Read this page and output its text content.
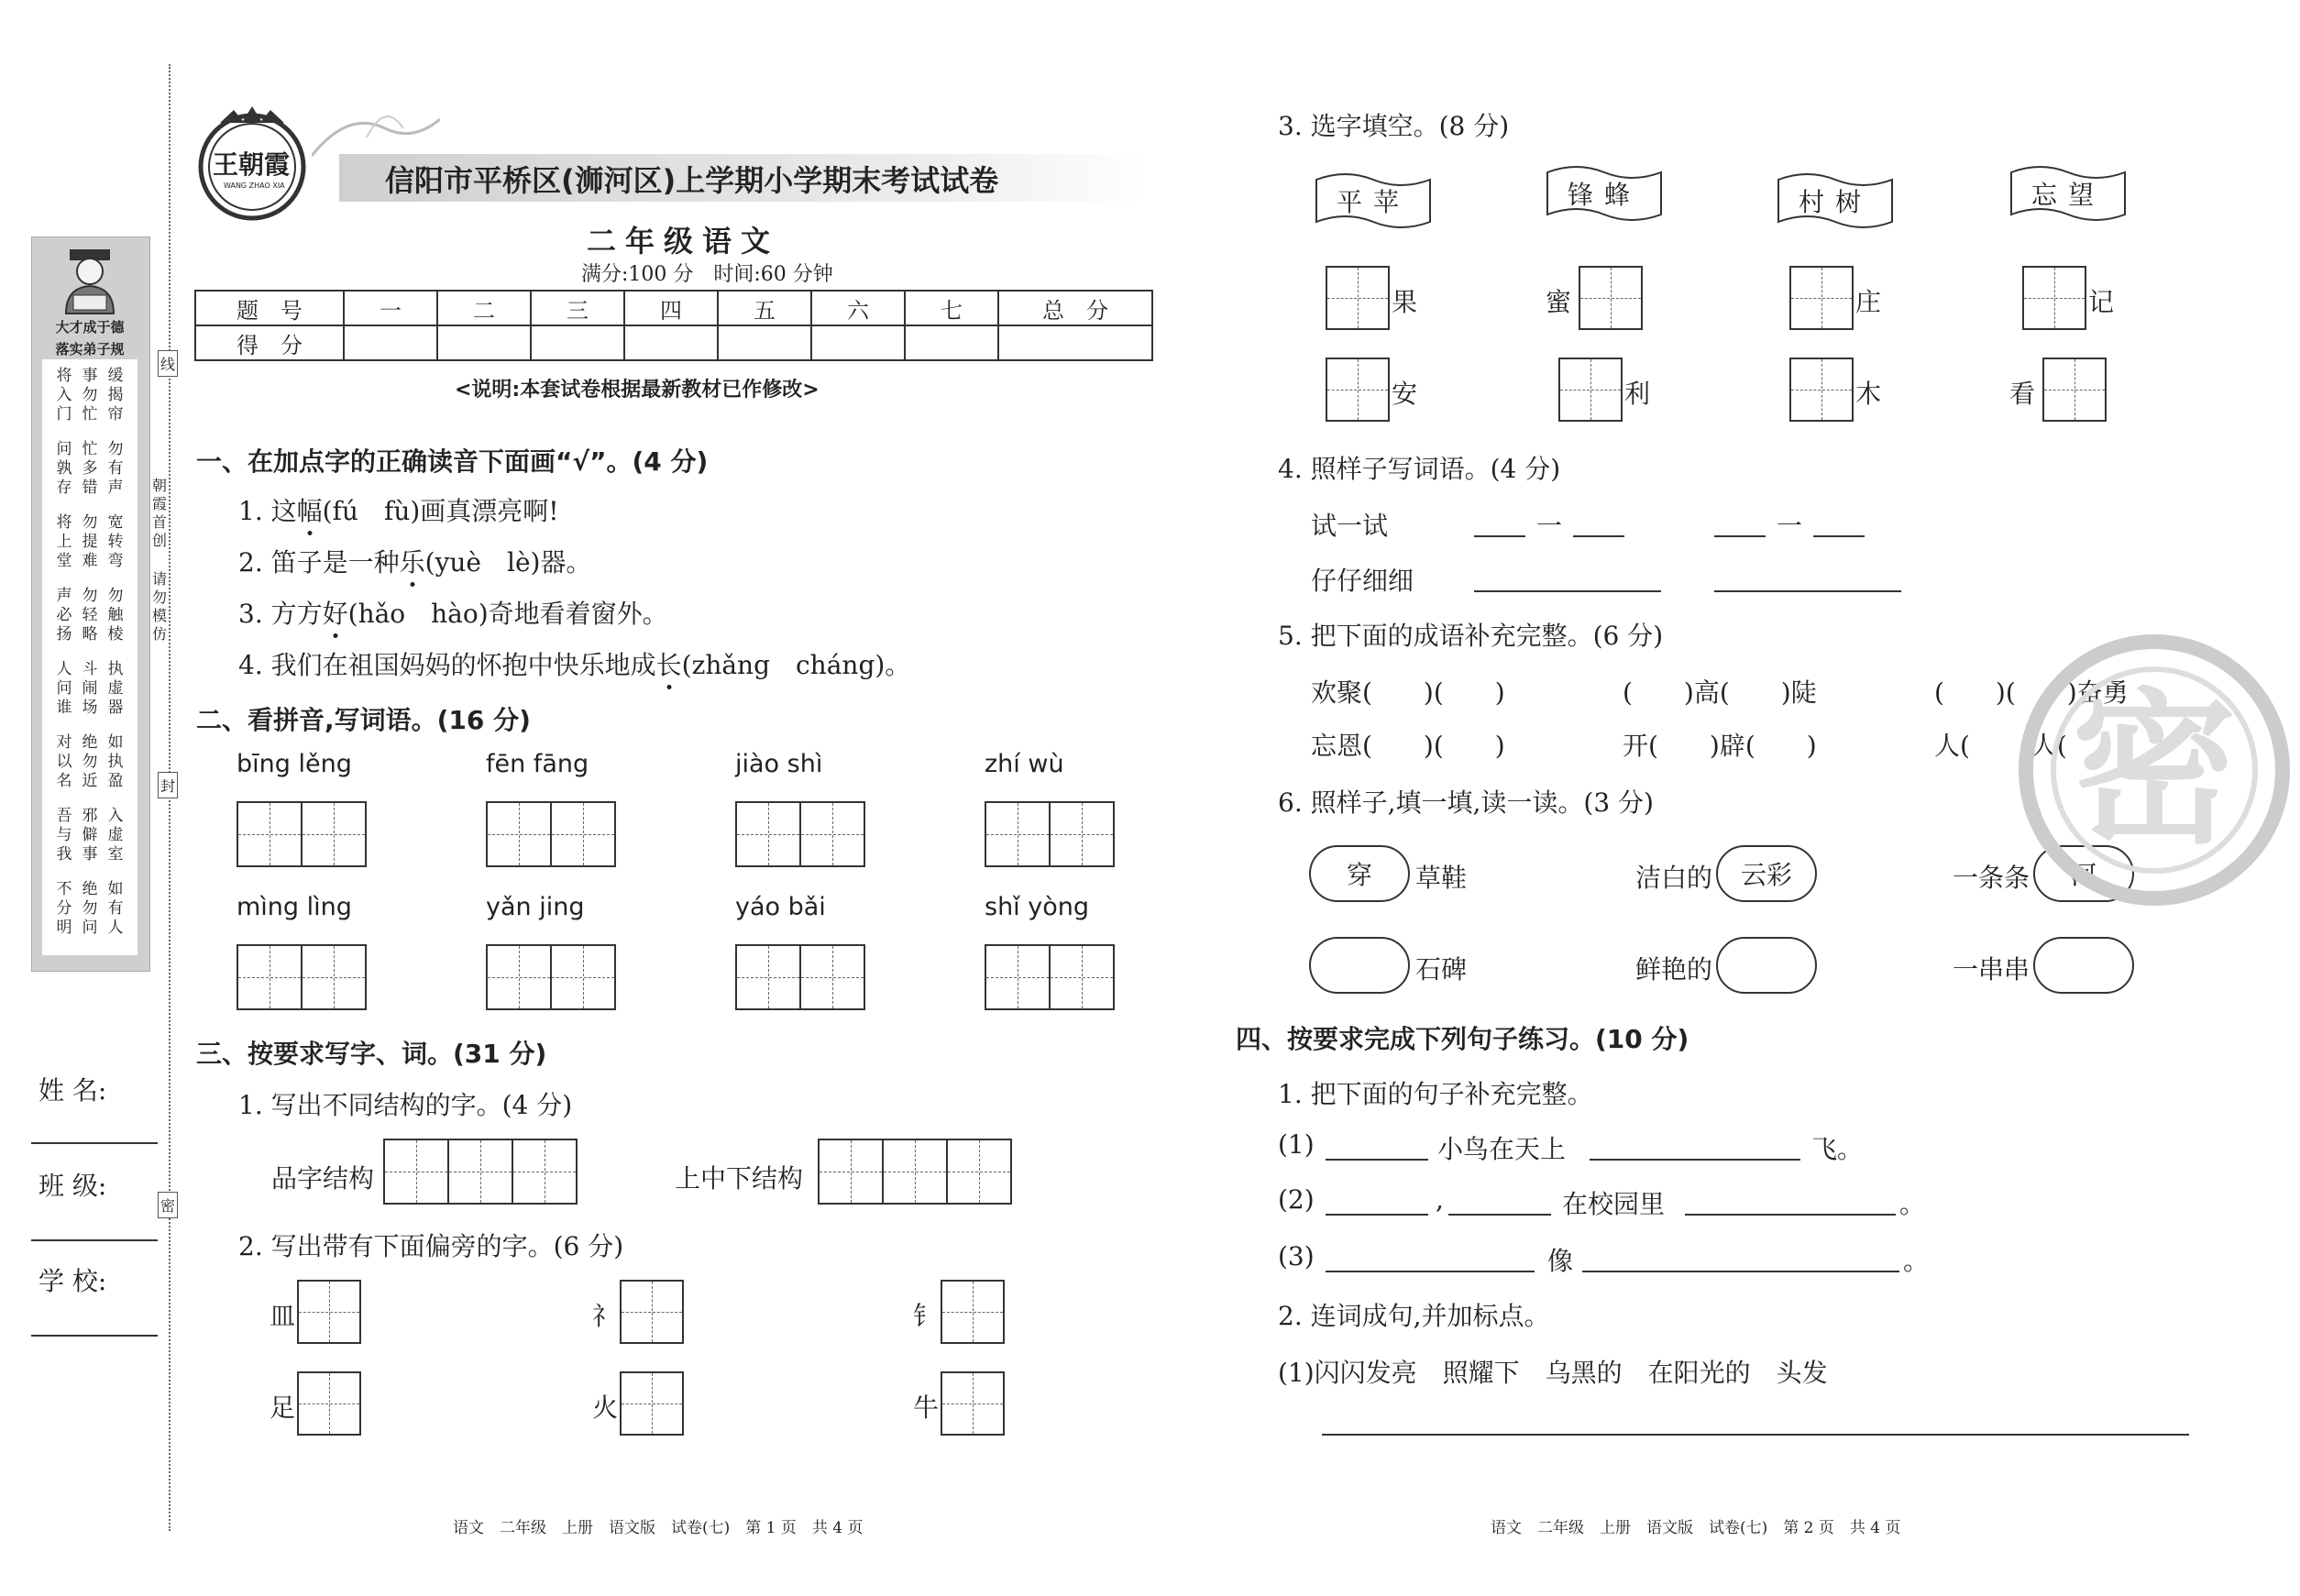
大才成于德
落实弟子规
将入门
事勿忙
缓揭帘
问孰存
忙多错
勿有声
将上堂
勿提难
宽转弯
声必扬
勿轻略
勿触棱
人问谁
斗闹场
执虚器
对以名
绝勿近
如执盈
吾与我
邪僻事
入虚室
不分明
绝勿问
如有人
朝霞首创
请勿模仿
线
封
密
姓 名:
班 级:
学 校:
王朝霞
WANG ZHAO XIA	信阳市平桥区(浉河区)上学期小学期末考试试卷
二年级语文
满分:100 分　时间:60 分钟
题　号	一	二	三	四	五	六	七	总　分
得　分								
<说明:本套试卷根据最新教材已作修改>
一、在加点字的正确读音下面画“√”。(4 分)
1. 这幅(fú　fù)画真漂亮啊!
2. 笛子是一种乐(yuè　lè)器。
3. 方方好(hǎo　hào)奇地看着窗外。
4. 我们在祖国妈妈的怀抱中快乐地成长(zhǎng　cháng)。
二、看拼音,写词语。(16 分)
bīng lěng	fēn fāng	jiào shì	zhí wù
mìng lìng	yǎn jing	yáo bǎi	shǐ yòng
三、按要求写字、词。(31 分)
1. 写出不同结构的字。(4 分)
品字结构	上中下结构
2. 写出带有下面偏旁的字。(6 分)
皿	礻	钅
足	火	牛
3. 选字填空。(8 分)
平苹	锋蜂	村树	忘望
果	蜜	庄	记
安	利	木	看
4. 照样子写词语。(4 分)
试一试	一	一
仔仔细细
5. 把下面的成语补充完整。(6 分)
欢聚(　　)(　　)	(　　)高(　　)陡	(　　)(　　)奋勇
忘恩(　　)(　　)	开(　　)辟(　　)	人(　　)人(　　)
6. 照样子,填一填,读一读。(3 分)
穿 草鞋	洁白的 云彩	一条条 河
石碑	鲜艳的	一串串
密
四、按要求完成下列句子练习。(10 分)
1. 把下面的句子补充完整。
(1)	小鸟在天上	飞。
(2)	,	在校园里	。
(3)	像	。
2. 连词成句,并加标点。
(1)闪闪发亮　照耀下　乌黑的　在阳光的　头发
语文　二年级　上册　语文版　试卷(七)　第 1 页　共 4 页	语文　二年级　上册　语文版　试卷(七)　第 2 页　共 4 页
